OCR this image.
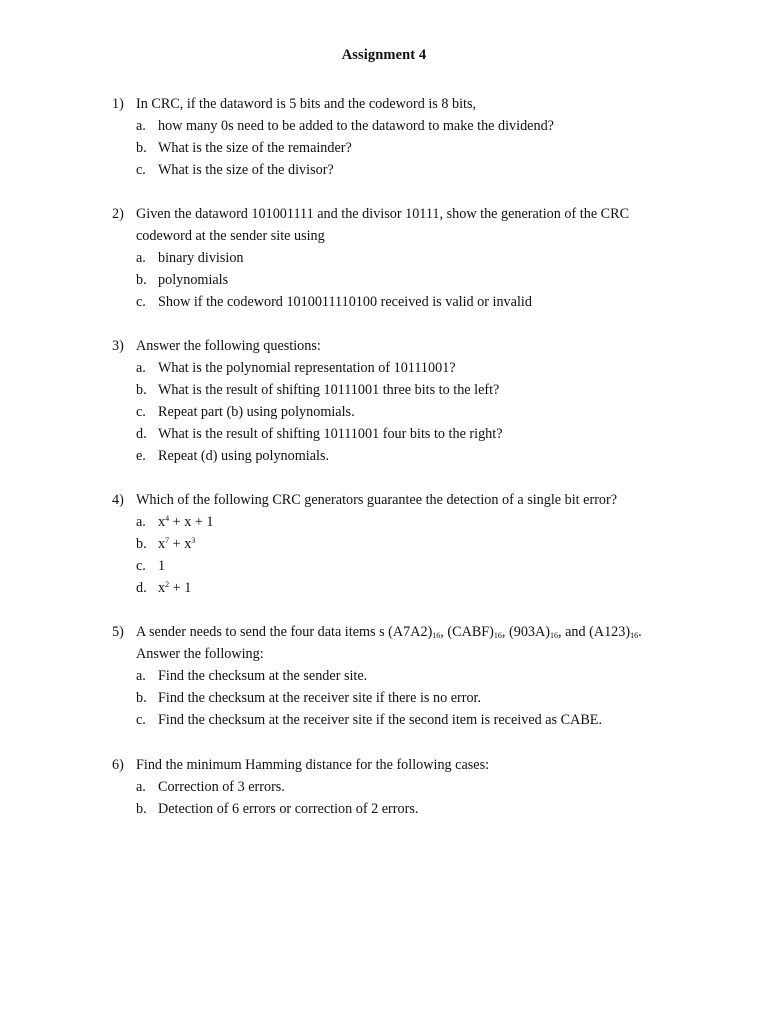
Assignment 4
1) In CRC, if the dataword is 5 bits and the codeword is 8 bits,
a. how many 0s need to be added to the dataword to make the dividend?
b. What is the size of the remainder?
c. What is the size of the divisor?
2) Given the dataword 101001111 and the divisor 10111, show the generation of the CRC codeword at the sender site using
a. binary division
b. polynomials
c. Show if the codeword 1010011110100 received is valid or invalid
3) Answer the following questions:
a. What is the polynomial representation of 10111001?
b. What is the result of shifting 10111001 three bits to the left?
c. Repeat part (b) using polynomials.
d. What is the result of shifting 10111001 four bits to the right?
e. Repeat (d) using polynomials.
4) Which of the following CRC generators guarantee the detection of a single bit error?
a. $x^4 + x + 1$
b. $x^7 + x^3$
c. 1
d. $x^2 + 1$
5) A sender needs to send the four data items s $(A7A2)_{16}$, $(CABF)_{16}$, $(903A)_{16}$, and $(A123)_{16}$. Answer the following:
a. Find the checksum at the sender site.
b. Find the checksum at the receiver site if there is no error.
c. Find the checksum at the receiver site if the second item is received as CABE.
6) Find the minimum Hamming distance for the following cases:
a. Correction of 3 errors.
b. Detection of 6 errors or correction of 2 errors.
